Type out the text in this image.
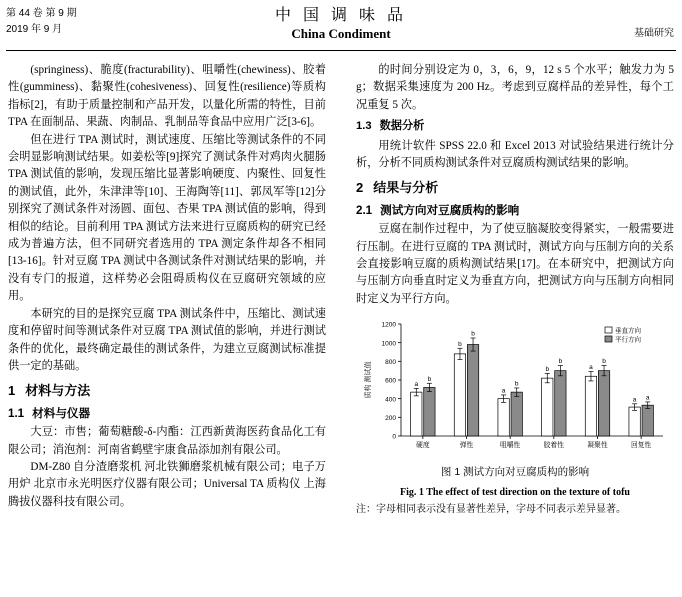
第 44 卷 第 9 期
2019 年 9 月
中 国 调 味 品
China Condiment	基础研究

(springiness)、脆度(fracturability)、咀嚼性(chewiness)、胶着性(gumminess)、黏聚性(cohesiveness)、回复性(resilience)等质构指标[2]，有助于质量控制和产品开发，以量化所需的特性，目前 TPA 在面制品、果蔬、肉制品、乳制品等食品中应用广泛[3-6]。

但在进行 TPA 测试时，测试速度、压缩比等测试条件的不同会明显影响测试结果。如姜松等[9]探究了测试条件对鸡肉火腿肠 TPA 测试值的影响，发现压缩比显著影响硬度、内聚性、回复性的测试值，此外，朱津津等[10]、王海陶等[11]、郭凤军等[12]分别探究了测试条件对汤圆、面包、杏果 TPA 测试值的影响，得到相似的结论。目前利用 TPA 测试方法来进行豆腐质构的研究已经成为普遍方法，但不同研究者选用的 TPA 测定条件却各不相同[13-16]。针对豆腐 TPA 测试中各测试条件对测试结果的影响，并没有专门的报道，这样势必会阻碍质构仪在豆腐研究领域的应用。

本研究的目的是探究豆腐 TPA 测试条件中，压缩比、测试速度和停留时间等测试条件对豆腐 TPA 测试值的影响，并进行测试条件的优化，最终确定最佳的测试条件，为建立豆腐测试标准提供一定的基础。

1 材料与方法
1.1 材料与仪器

大豆：市售；葡萄糖酸-δ-内酯：江西新黄海医药食品化工有限公司；消泡剂：河南省鹤壁宇康食品添加剂有限公司。

DM-Z80 自分渣磨浆机 河北铁狮磨浆机械有限公司；电子万用炉 北京市永光明医疗仪器有限公司；Universal TA 质构仪 上海腾拔仪器科技有限公司。

的时间分别设定为 0，3，6，9，12 s 5 个水平；触发力为 5 g；数据采集速度为 200 Hz。考虑到豆腐样品的差异性，每个工况重复 5 次。

1.3 数据分析

用统计软件 SPSS 22.0 和 Excel 2013 对试验结果进行统计分析，分析不同质构测试条件对豆腐质构测试结果的影响。

2 结果与分析
2.1 测试方向对豆腐质构的影响

豆腐在制作过程中，为了使豆脑凝胶变得紧实，一般需要进行压制。在进行豆腐的 TPA 测试时，测试方向与压制方向的关系会直接影响豆腐的质构测试结果[17]。在本研究中，把测试方向与压制方向垂直时定义为垂直方向，把测试方向与压制方向相同时定义为平行方向。

0
200
400
600
800
1000
1200
质构 测试值	a
b
硬度
b
b
弹性
a
b
咀嚼性
b
b
胶着性
a
b
凝聚性
a a
回复性
垂直方向
平行方向
图 1 测试方向对豆腐质构的影响
Fig. 1 The effect of test direction on the texture of tofu
注：字母相同表示没有显著性差异，字母不同表示差异显著。
